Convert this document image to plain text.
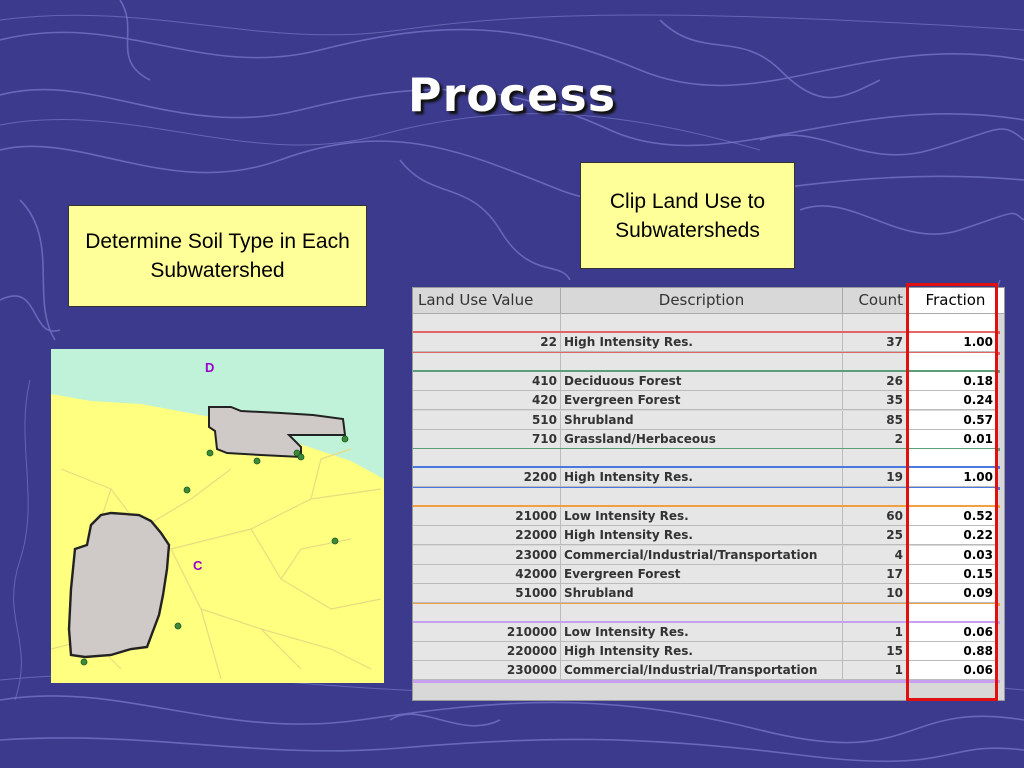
Process
Determine Soil Type in Each Subwatershed
Clip Land Use to Subwatersheds
D
C
Land Use Value	Description	Count	Fraction
22 High Intensity Res.	37	1.00
410 Deciduous Forest	26	0.18
420 Evergreen Forest	35	0.24
510 Shrubland	85	0.57
710 Grassland/Herbaceous	2	0.01
2200 High Intensity Res.	19	1.00
21000 Low Intensity Res.	60	0.52
22000 High Intensity Res.	25	0.22
23000 Commercial/Industrial/Transportation	4	0.03
42000 Evergreen Forest	17	0.15
51000 Shrubland	10	0.09
210000 Low Intensity Res.	1	0.06
220000 High Intensity Res.	15	0.88
230000 Commercial/Industrial/Transportation	1	0.06
